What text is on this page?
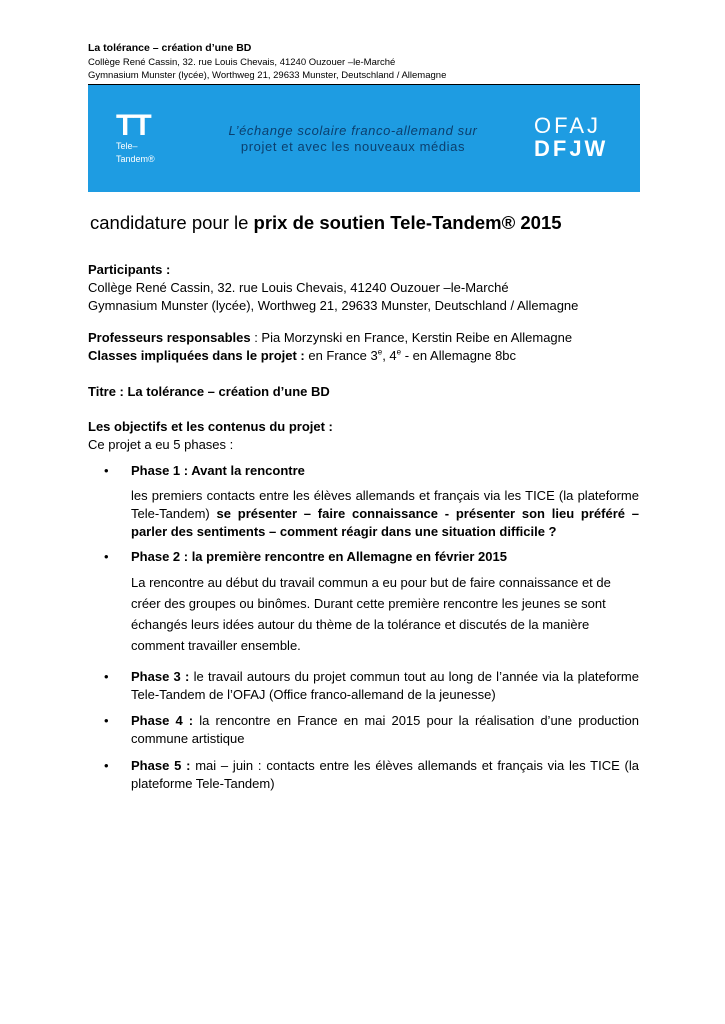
La tolérance – création d’une BD
Collège René Cassin, 32. rue Louis Chevais, 41240 Ouzouer –le-Marché
Gymnasium Munster (lycée), Worthweg 21, 29633 Munster, Deutschland / Allemagne
TT
Tele–
Tandem®
L’échange scolaire franco-allemand sur
projet et avec les nouveaux médias
OFAJ
DFJW
candidature pour le prix de soutien Tele-Tandem® 2015
Participants :
Collège René Cassin, 32. rue Louis Chevais, 41240 Ouzouer –le-Marché
Gymnasium Munster (lycée), Worthweg 21, 29633 Munster, Deutschland / Allemagne
Professeurs responsables : Pia Morzynski en France, Kerstin Reibe en Allemagne
Classes impliquées dans le projet : en France 3e, 4e - en Allemagne 8bc
Titre : La tolérance – création d’une BD
Les objectifs et les contenus du projet :
Ce projet a eu 5 phases :
• Phase 1 : Avant la rencontre
les premiers contacts entre les élèves allemands et français via les TICE (la plateforme Tele-Tandem) se présenter – faire connaissance - présenter son lieu préféré – parler des sentiments – comment réagir dans une situation difficile ?
• Phase 2 : la première rencontre en Allemagne en février 2015
La rencontre au début du travail commun a eu pour but de faire connaissance et de créer des groupes ou binômes. Durant cette première rencontre les jeunes se sont échangés leurs idées autour du thème de la tolérance et discutés de la manière comment travailler ensemble.
• Phase 3 : le travail autours du projet commun tout au long de l’année via la plateforme Tele-Tandem de l’OFAJ (Office franco-allemand de la jeunesse)
• Phase 4 : la rencontre en France en mai 2015 pour la réalisation d’une production commune artistique
• Phase 5 : mai – juin : contacts entre les élèves allemands et français via les TICE (la plateforme Tele-Tandem)
